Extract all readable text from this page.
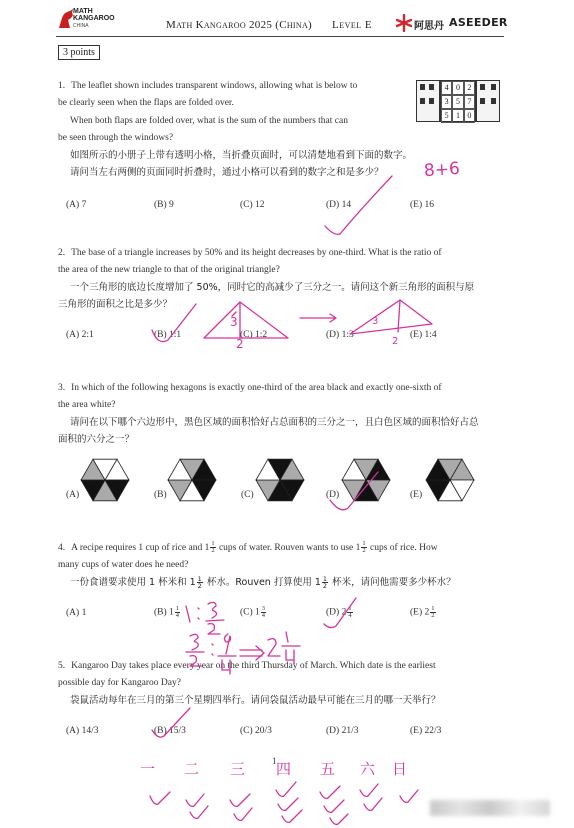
MATH
KANGAROO
CHINA	Math Kangaroo 2025 (China) Level E	阿思丹 ASEEDER
3 points
1. The leaflet shown includes transparent windows, allowing what is below to
be clearly seen when the flaps are folded over.
When both flaps are folded over, what is the sum of the numbers that can
be seen through the windows?
如图所示的小册子上带有透明小格，当折叠页面时，可以清楚地看到下面的数字。
请问当左右两侧的页面同时折叠时，通过小格可以看到的数字之和是多少？
4 0 2
3 5 7
5 1 0
(A) 7	(B) 9	(C) 12	(D) 14	(E) 16
8+6
2. The base of a triangle increases by 50% and its height decreases by one-third. What is the ratio of
the area of the new triangle to that of the original triangle?
一个三角形的底边长度增加了 50%，同时它的高减少了三分之一。请问这个新三角形的面积与原
三角形的面积之比是多少？
(A) 2:1	(B) 1:1	(C) 1:2	(D) 1:3	(E) 1:4
3. In which of the following hexagons is exactly one-third of the area black and exactly one-sixth of
the area white?
请问在以下哪个六边形中，黑色区域的面积恰好占总面积的三分之一，且白色区域的面积恰好占总
面积的六分之一？
(A)	(B)	(C)	(D)	(E)
4. A recipe requires 1 cup of rice and $1 \frac{1}{2}$ cups of water. Rouven wants to use $1 \frac{1}{2}$ cups of rice. How
many cups of water does he need?
一份食谱要求使用 1 杯米和 $1 \frac{1}{2}$ 杯水。Rouven 打算使用 $1 \frac{1}{2}$ 杯米，请问他需要多少杯水？
(A) 1	(B) $1 \frac{1}{4}$	(C) $1 \frac{3}{4}$	(D) $2 \frac{1}{4}$	(E) $2 \frac{1}{2}$
5. Kangaroo Day takes place every year on the third Thursday of March. Which date is the earliest
possible day for Kangaroo Day?
袋鼠活动每年在三月的第三个星期四举行。请问袋鼠活动最早可能在三月的哪一天举行？
(A) 14/3	(B) 15/3	(C) 20/3	(D) 21/3	(E) 22/3
一 二 三 四 五 六 日
1
3
2	2
3
